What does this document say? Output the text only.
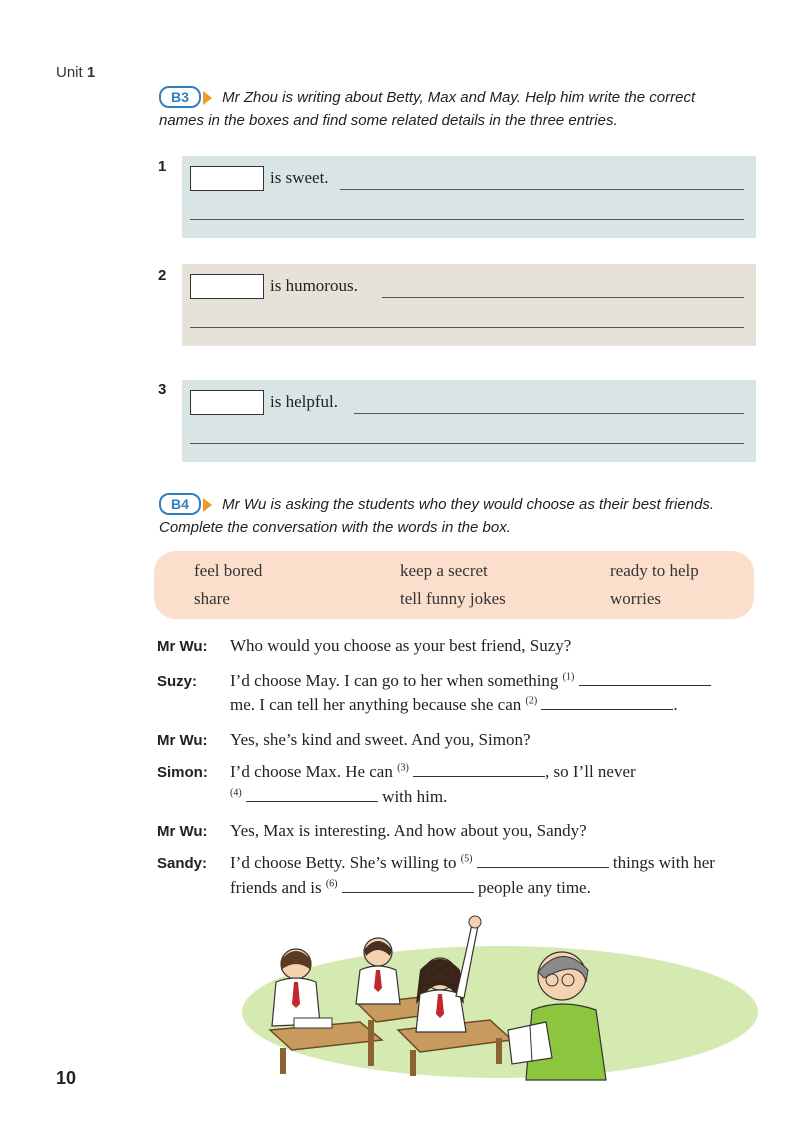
Unit 1
B3 Mr Zhou is writing about Betty, Max and May. Help him write the correct
names in the boxes and find some related details in the three entries.
1
is sweet.
2
is humorous.
3
is helpful.
B4 Mr Wu is asking the students who they would choose as their best friends.
Complete the conversation with the words in the box.
feel bored	keep a secret	ready to help
share	tell funny jokes	worries
Mr Wu: Who would you choose as your best friend, Suzy?
Suzy: I’d choose May. I can go to her when something $^{(1)}$
me. I can tell her anything because she can $^{(2)}$	.
Mr Wu: Yes, she’s kind and sweet. And you, Simon?
Simon: I’d choose Max. He can $^{(3)}$	, so I’ll never
$^{(4)}$	with him.
Mr Wu: Yes, Max is interesting. And how about you, Sandy?
Sandy: I’d choose Betty. She’s willing to $^{(5)}$	things with her
friends and is $^{(6)}$	people any time.
10
